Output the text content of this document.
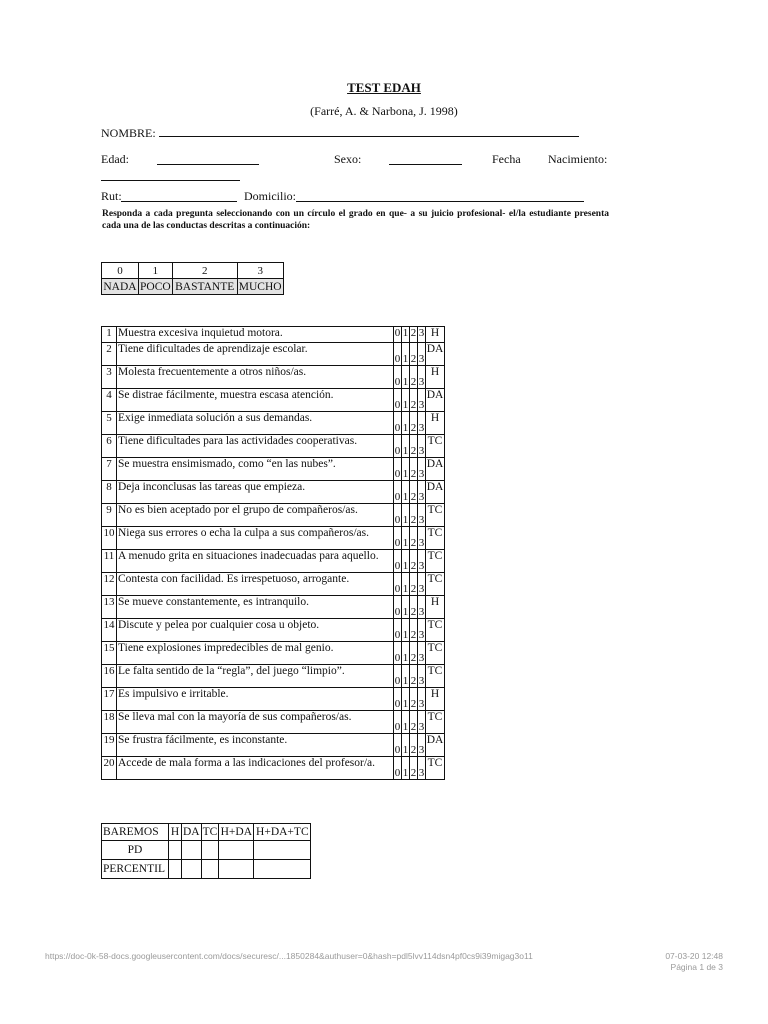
TEST EDAH
(Farré, A. & Narbona, J. 1998)
NOMBRE:
Edad:	Sexo:	Fecha Nacimiento:
Rut:	Domicilio:
Responda a cada pregunta seleccionando con un círculo el grado en que- a su juicio profesional- el/la estudiante presenta cada una de las conductas descritas a continuación:
0	1	2	3
NADA	POCO	BASTANTE	MUCHO
1	Muestra excesiva inquietud motora.	0	1	2	3	H
2	Tiene dificultades de aprendizaje escolar.	0	1	2	3	DA
3	Molesta frecuentemente a otros niños/as.	0	1	2	3	H
4	Se distrae fácilmente, muestra escasa atención.	0	1	2	3	DA
5	Exige inmediata solución a sus demandas.	0	1	2	3	H
6	Tiene dificultades para las actividades cooperativas.	0	1	2	3	TC
7	Se muestra ensimismado, como “en las nubes”.	0	1	2	3	DA
8	Deja inconclusas las tareas que empieza.	0	1	2	3	DA
9	No es bien aceptado por el grupo de compañeros/as.	0	1	2	3	TC
10	Niega sus errores o echa la culpa a sus compañeros/as.	0	1	2	3	TC
11	A menudo grita en situaciones inadecuadas para aquello.	0	1	2	3	TC
12	Contesta con facilidad. Es irrespetuoso, arrogante.	0	1	2	3	TC
13	Se mueve constantemente, es intranquilo.	0	1	2	3	H
14	Discute y pelea por cualquier cosa u objeto.	0	1	2	3	TC
15	Tiene explosiones impredecibles de mal genio.	0	1	2	3	TC
16	Le falta sentido de la “regla”, del juego “limpio”.	0	1	2	3	TC
17	Es impulsivo e irritable.	0	1	2	3	H
18	Se lleva mal con la mayoría de sus compañeros/as.	0	1	2	3	TC
19	Se frustra fácilmente, es inconstante.	0	1	2	3	DA
20	Accede de mala forma a las indicaciones del profesor/a.	0	1	2	3	TC
BAREMOS	H	DA	TC	H+DA	H+DA+TC
PD					
PERCENTIL					
https://doc-0k-58-docs.googleusercontent.com/docs/securesc/...1850284&authuser=0&hash=pdl5lvv114dsn4pf0cs9i39migag3o11	07-03-20 12:48
Página 1 de 3
